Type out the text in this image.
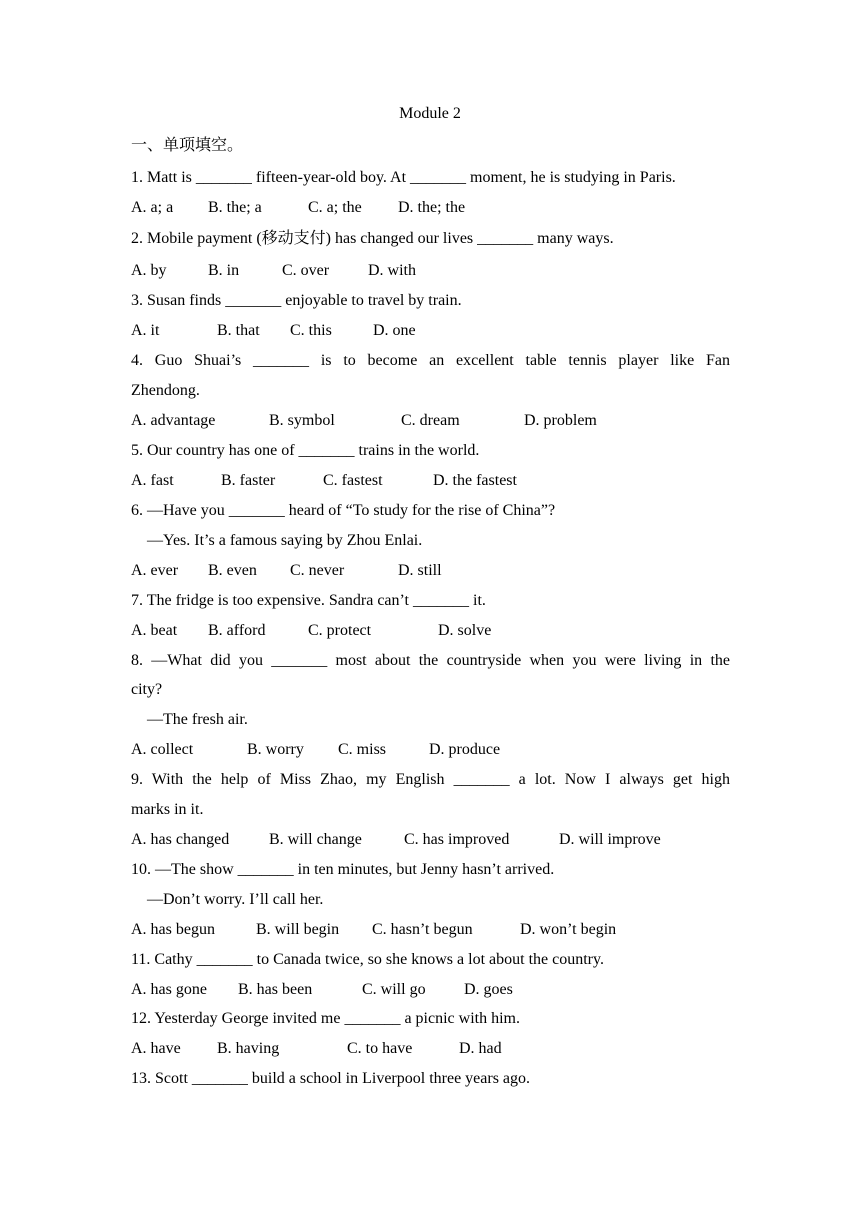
Module 2
一、单项填空。
1. Matt is _______ fifteen-year-old boy. At _______ moment, he is studying in Paris.
A. a; a B. the; a	C. a; the D. the; the
2. Mobile payment (移动支付) has changed our lives _______ many ways.
A. by	B. in	C. over D. with
3. Susan finds _______ enjoyable to travel by train.
A. it	B. that C. this	D. one
4. Guo Shuai’s _______ is to become an excellent table tennis player like Fan
Zhendong.
A. advantage	B. symbol	C. dream	D. problem
5. Our country has one of _______ trains in the world.
A. fast	B. faster	C. fastest	D. the fastest
6. —Have you _______ heard of “To study for the rise of China”?
—Yes. It’s a famous saying by Zhou Enlai.
A. ever B. even C. never	D. still
7. The fridge is too expensive. Sandra can’t _______ it.
A. beat B. afford	C. protect	D. solve
8. —What did you _______ most about the countryside when you were living in the
city?
—The fresh air.
A. collect	B. worry C. miss	D. produce
9. With the help of Miss Zhao, my English _______ a lot. Now I always get high
marks in it.
A. has changed B. will change	C. has improved	D. will improve
10. —The show _______ in ten minutes, but Jenny hasn’t arrived.
—Don’t worry. I’ll call her.
A. has begun	B. will begin C. hasn’t begun	D. won’t begin
11. Cathy _______ to Canada twice, so she knows a lot about the country.
A. has gone B. has been	C. will go D. goes
12. Yesterday George invited me _______ a picnic with him.
A. have B. having	C. to have	D. had
13. Scott _______ build a school in Liverpool three years ago.
